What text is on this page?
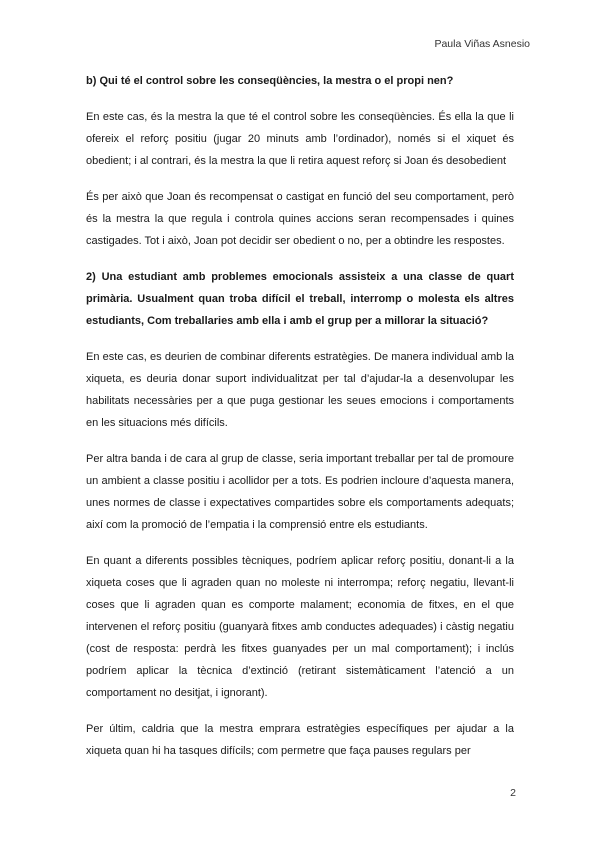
Paula Viñas Asnesio

b) Qui té el control sobre les conseqüències, la mestra o el propi nen?

En este cas, és la mestra la que té el control sobre les conseqüències. És ella la que li ofereix el reforç positiu (jugar 20 minuts amb l’ordinador), només si el xiquet és obedient; i al contrari, és la mestra la que li retira aquest reforç si Joan és desobedient

És per això que Joan és recompensat o castigat en funció del seu comportament, però és la mestra la que regula i controla quines accions seran recompensades i quines castigades. Tot i això, Joan pot decidir ser obedient o no, per a obtindre les respostes.

2) Una estudiant amb problemes emocionals assisteix a una classe de quart primària. Usualment quan troba difícil el treball, interromp o molesta els altres estudiants, Com treballaries amb ella i amb el grup per a millorar la situació?

En este cas, es deurien de combinar diferents estratègies. De manera individual amb la xiqueta, es deuria donar suport individualitzat per tal d’ajudar-la a desenvolupar les habilitats necessàries per a que puga gestionar les seues emocions i comportaments en les situacions més difícils.

Per altra banda i de cara al grup de classe, seria important treballar per tal de promoure un ambient a classe positiu i acollidor per a tots. Es podrien incloure d’aquesta manera, unes normes de classe i expectatives compartides sobre els comportaments adequats; així com la promoció de l’empatia i la comprensió entre els estudiants.

En quant a diferents possibles tècniques, podríem aplicar reforç positiu, donant-li a la xiqueta coses que li agraden quan no moleste ni interrompa; reforç negatiu, llevant-li coses que li agraden quan es comporte malament; economia de fitxes, en el que intervenen el reforç positiu (guanyarà fitxes amb conductes adequades) i càstig negatiu (cost de resposta: perdrà les fitxes guanyades per un mal comportament); i inclús podríem aplicar la tècnica d’extinció (retirant sistemàticament l’atenció a un comportament no desitjat, i ignorant).

Per últim, caldria que la mestra emprara estratègies específiques per ajudar a la xiqueta quan hi ha tasques difícils; com permetre que faça pauses regulars per

2
